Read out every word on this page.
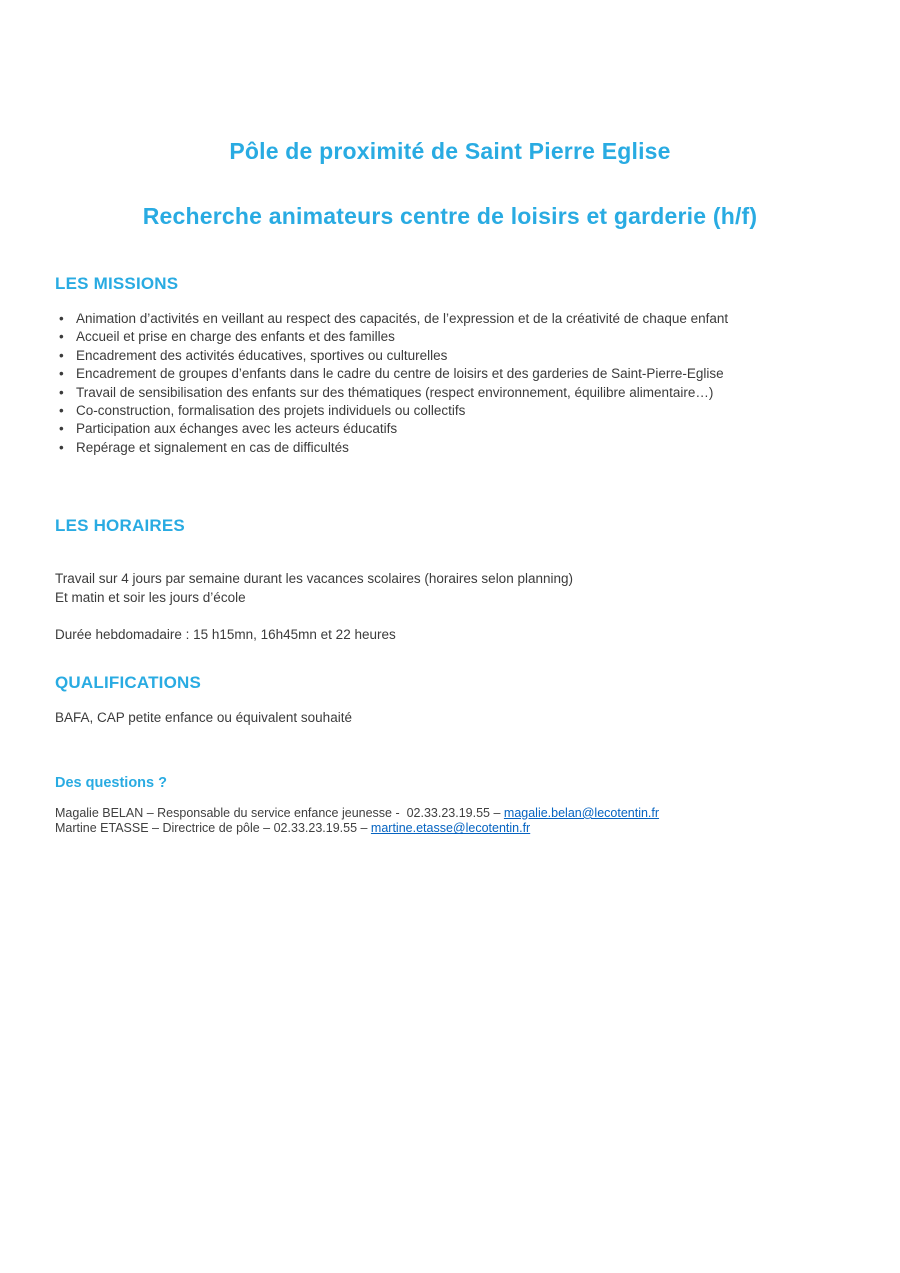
Pôle de proximité de Saint Pierre Eglise
Recherche animateurs centre de loisirs et garderie (h/f)
LES MISSIONS
• Animation d’activités en veillant au respect des capacités, de l’expression et de la créativité de chaque enfant
• Accueil et prise en charge des enfants et des familles
• Encadrement des activités éducatives, sportives ou culturelles
• Encadrement de groupes d’enfants dans le cadre du centre de loisirs et des garderies de Saint-Pierre-Eglise
• Travail de sensibilisation des enfants sur des thématiques (respect environnement, équilibre alimentaire…)
• Co-construction, formalisation des projets individuels ou collectifs
• Participation aux échanges avec les acteurs éducatifs
• Repérage et signalement en cas de difficultés
LES HORAIRES
Travail sur 4 jours par semaine durant les vacances scolaires (horaires selon planning)
Et matin et soir les jours d’école
Durée hebdomadaire : 15 h15mn, 16h45mn et 22 heures
QUALIFICATIONS
BAFA, CAP petite enfance ou équivalent souhaité
Des questions ?
Magalie BELAN – Responsable du service enfance jeunesse -  02.33.23.19.55 – magalie.belan@lecotentin.fr
Martine ETASSE – Directrice de pôle – 02.33.23.19.55 – martine.etasse@lecotentin.fr
